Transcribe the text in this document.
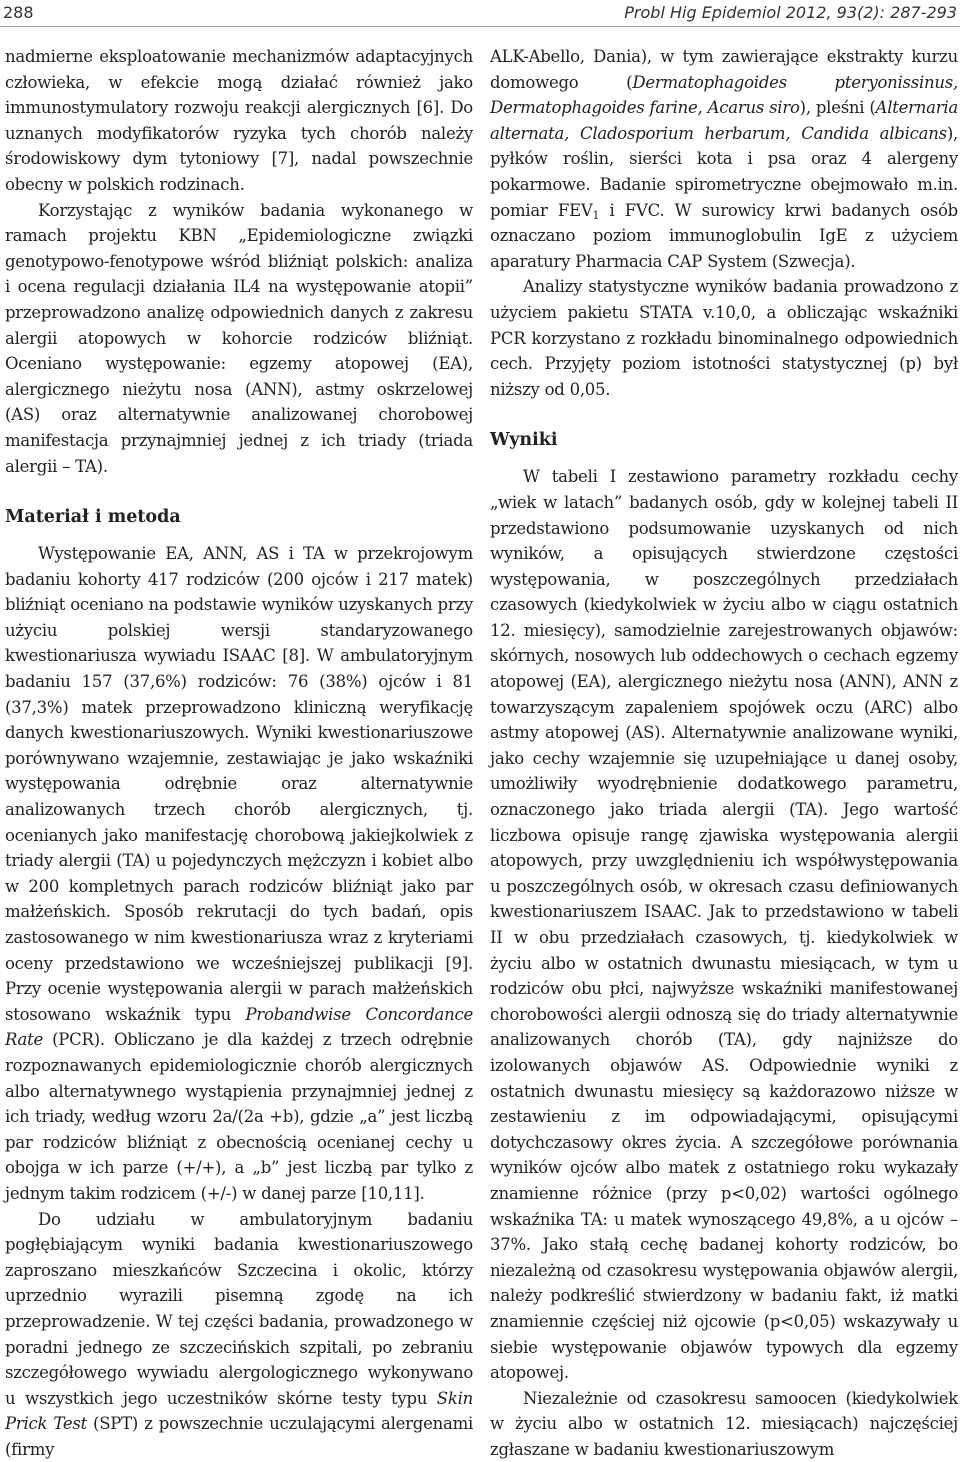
288	Probl Hig Epidemiol 2012, 93(2): 287-293

nadmierne eksploatowanie mechanizmów adaptacyjnych człowieka, w efekcie mogą działać również jako immunostymulatory rozwoju reakcji alergicznych [6]. Do uznanych modyfikatorów ryzyka tych chorób należy środowiskowy dym tytoniowy [7], nadal powszechnie obecny w polskich rodzinach.

Korzystając z wyników badania wykonanego w ramach projektu KBN „Epidemiologiczne związki genotypowo-fenotypowe wśród bliźniąt polskich: analiza i ocena regulacji działania IL4 na występowanie atopii” przeprowadzono analizę odpowiednich danych z zakresu alergii atopowych w kohorcie rodziców bliźniąt. Oceniano występowanie: egzemy atopowej (EA), alergicznego nieżytu nosa (ANN), astmy oskrzelowej (AS) oraz alternatywnie analizowanej chorobowej manifestacja przynajmniej jednej z ich triady (triada alergii – TA).

Materiał i metoda

Występowanie EA, ANN, AS i TA w przekrojowym badaniu kohorty 417 rodziców (200 ojców i 217 matek) bliźniąt oceniano na podstawie wyników uzyskanych przy użyciu polskiej wersji standaryzowanego kwestionariusza wywiadu ISAAC [8]. W ambulatoryjnym badaniu 157 (37,6%) rodziców: 76 (38%) ojców i 81 (37,3%) matek przeprowadzono kliniczną weryfikację danych kwestionariuszowych. Wyniki kwestionariuszowe porównywano wzajemnie, zestawiając je jako wskaźniki występowania odrębnie oraz alternatywnie analizowanych trzech chorób alergicznych, tj. ocenianych jako manifestację chorobową jakiejkolwiek z triady alergii (TA) u pojedynczych mężczyzn i kobiet albo w 200 kompletnych parach rodziców bliźniąt jako par małżeńskich. Sposób rekrutacji do tych badań, opis zastosowanego w nim kwestionariusza wraz z kryteriami oceny przedstawiono we wcześniejszej publikacji [9]. Przy ocenie występowania alergii w parach małżeńskich stosowano wskaźnik typu Probandwise Concordance Rate (PCR). Obliczano je dla każdej z trzech odrębnie rozpoznawanych epidemiologicznie chorób alergicznych albo alternatywnego wystąpienia przynajmniej jednej z ich triady, według wzoru 2a/(2a +b), gdzie „a” jest liczbą par rodziców bliźniąt z obecnością ocenianej cechy u obojga w ich parze (+/+), a „b” jest liczbą par tylko z jednym takim rodzicem (+/-) w danej parze [10,11].

Do udziału w ambulatoryjnym badaniu pogłębiającym wyniki badania kwestionariuszowego zaproszano mieszkańców Szczecina i okolic, którzy uprzednio wyrazili pisemną zgodę na ich przeprowadzenie. W tej części badania, prowadzonego w poradni jednego ze szczecińskich szpitali, po zebraniu szczegółowego wywiadu alergologicznego wykonywano u wszystkich jego uczestników skórne testy typu Skin Prick Test (SPT) z powszechnie uczulającymi alergenami (firmy

ALK-Abello, Dania), w tym zawierające ekstrakty kurzu domowego (Dermatophagoides pteryonissinus, Dermatophagoides farine, Acarus siro), pleśni (Alternaria alternata, Cladosporium herbarum, Candida albicans), pyłków roślin, sierści kota i psa oraz 4 alergeny pokarmowe. Badanie spirometryczne obejmowało m.in. pomiar $FEV_1$ i FVC. W surowicy krwi badanych osób oznaczano poziom immunoglobulin IgE z użyciem aparatury Pharmacia CAP System (Szwecja).

Analizy statystyczne wyników badania prowadzono z użyciem pakietu STATA v.10,0, a obliczając wskaźniki PCR korzystano z rozkładu binominalnego odpowiednich cech. Przyjęty poziom istotności statystycznej (p) był niższy od 0,05.

Wyniki

W tabeli I zestawiono parametry rozkładu cechy „wiek w latach” badanych osób, gdy w kolejnej tabeli II przedstawiono podsumowanie uzyskanych od nich wyników, a opisujących stwierdzone częstości występowania, w poszczególnych przedziałach czasowych (kiedykolwiek w życiu albo w ciągu ostatnich 12. miesięcy), samodzielnie zarejestrowanych objawów: skórnych, nosowych lub oddechowych o cechach egzemy atopowej (EA), alergicznego nieżytu nosa (ANN), ANN z towarzyszącym zapaleniem spojówek oczu (ARC) albo astmy atopowej (AS). Alternatywnie analizowane wyniki, jako cechy wzajemnie się uzupełniające u danej osoby, umożliwiły wyodrębnienie dodatkowego parametru, oznaczonego jako triada alergii (TA). Jego wartość liczbowa opisuje rangę zjawiska występowania alergii atopowych, przy uwzględnieniu ich współwystępowania u poszczególnych osób, w okresach czasu definiowanych kwestionariuszem ISAAC. Jak to przedstawiono w tabeli II w obu przedziałach czasowych, tj. kiedykolwiek w życiu albo w ostatnich dwunastu miesiącach, w tym u rodziców obu płci, najwyższe wskaźniki manifestowanej chorobowości alergii odnoszą się do triady alternatywnie analizowanych chorób (TA), gdy najniższe do izolowanych objawów AS. Odpowiednie wyniki z ostatnich dwunastu miesięcy są każdorazowo niższe w zestawieniu z im odpowiadającymi, opisującymi dotychczasowy okres życia. A szczegółowe porównania wyników ojców albo matek z ostatniego roku wykazały znamienne różnice (przy p<0,02) wartości ogólnego wskaźnika TA: u matek wynoszącego 49,8%, a u ojców – 37%. Jako stałą cechę badanej kohorty rodziców, bo niezależną od czasokresu występowania objawów alergii, należy podkreślić stwierdzony w badaniu fakt, iż matki znamiennie częściej niż ojcowie (p<0,05) wskazywały u siebie występowanie objawów typowych dla egzemy atopowej.

Niezależnie od czasokresu samoocen (kiedykolwiek w życiu albo w ostatnich 12. miesiącach) najczęściej zgłaszane w badaniu kwestionariuszowym
